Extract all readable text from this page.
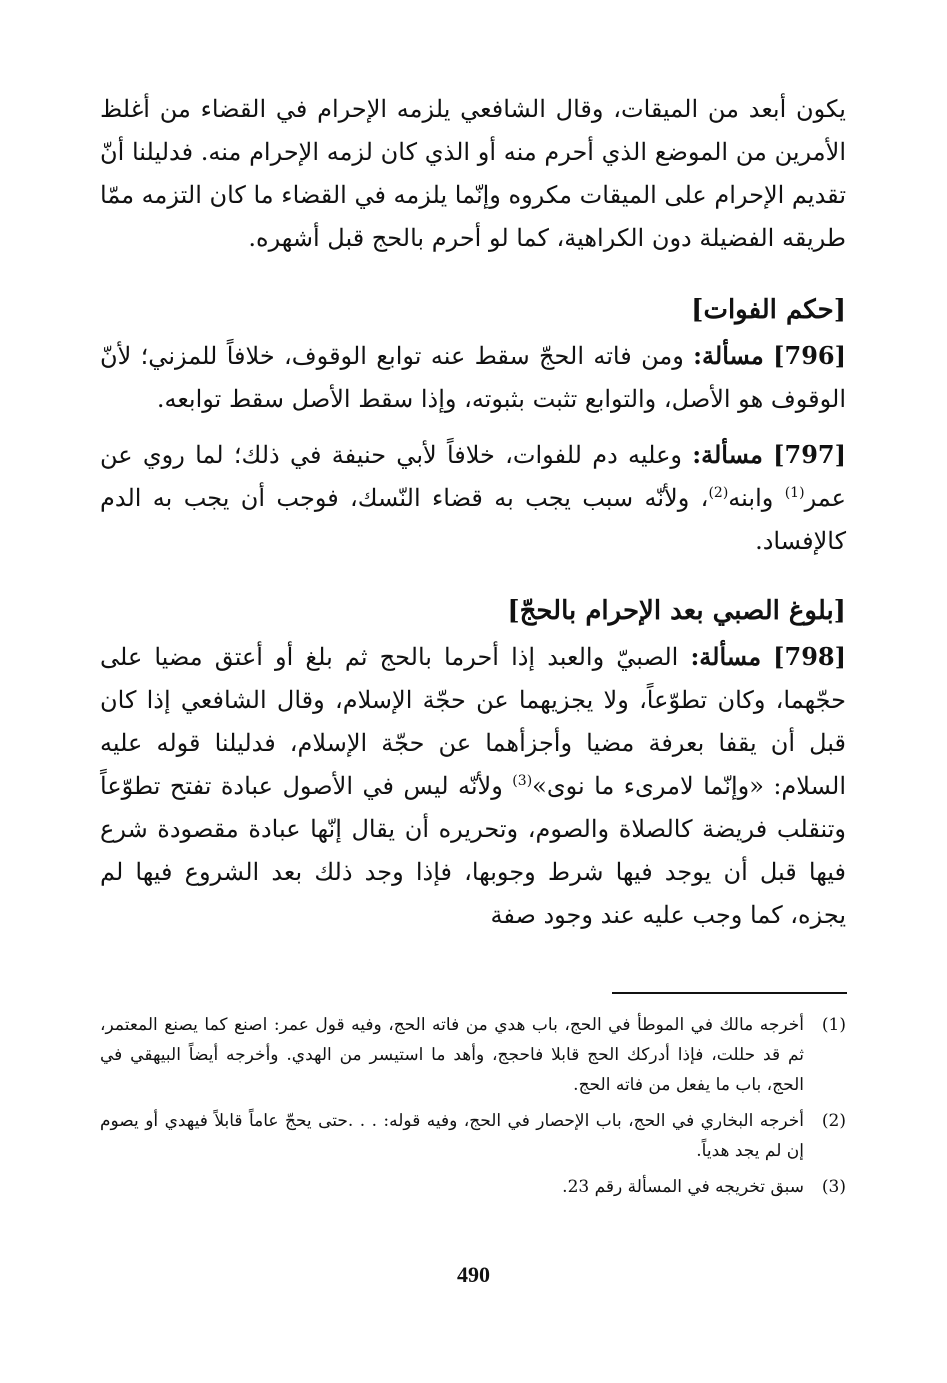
يكون أبعد من الميقات، وقال الشافعي يلزمه الإحرام في القضاء من أغلظ الأمرين من الموضع الذي أحرم منه أو الذي كان لزمه الإحرام منه. فدليلنا أنّ تقديم الإحرام على الميقات مكروه وإنّما يلزمه في القضاء ما كان التزمه ممّا طريقه الفضيلة دون الكراهية، كما لو أحرم بالحج قبل أشهره.

[حكم الفوات]

[796] مسألة: ومن فاته الحجّ سقط عنه توابع الوقوف، خلافاً للمزني؛ لأنّ الوقوف هو الأصل، والتوابع تثبت بثبوته، وإذا سقط الأصل سقط توابعه.

[797] مسألة: وعليه دم للفوات، خلافاً لأبي حنيفة في ذلك؛ لما روي عن عمر$^{(1)}$ وابنه$^{(2)}$، ولأنّه سبب يجب به قضاء النّسك، فوجب أن يجب به الدم كالإفساد.

[بلوغ الصبي بعد الإحرام بالحجّ]

[798] مسألة: الصبيّ والعبد إذا أحرما بالحج ثم بلغ أو أعتق مضيا على حجّهما، وكان تطوّعاً، ولا يجزيهما عن حجّة الإسلام، وقال الشافعي إذا كان قبل أن يقفا بعرفة مضيا وأجزأهما عن حجّة الإسلام، فدليلنا قوله عليه السلام: «وإنّما لامرىء ما نوى»$^{(3)}$ ولأنّه ليس في الأصول عبادة تفتح تطوّعاً وتنقلب فريضة كالصلاة والصوم، وتحريره أن يقال إنّها عبادة مقصودة شرع فيها قبل أن يوجد فيها شرط وجوبها، فإذا وجد ذلك بعد الشروع فيها لم يجزه، كما وجب عليه عند وجود صفة

(1)
أخرجه مالك في الموطأ في الحج، باب هدي من فاته الحج، وفيه قول عمر: اصنع كما يصنع المعتمر، ثم قد حللت، فإذا أدركك الحج قابلا فاحجج، وأهد ما استيسر من الهدي. وأخرجه أيضاً البيهقي في الحج، باب ما يفعل من فاته الحج.
(2)
أخرجه البخاري في الحج، باب الإحصار في الحج، وفيه قوله: . . .حتى يحجّ عاماً قابلاً فيهدي أو يصوم إن لم يجد هدياً.
(3)
سبق تخريجه في المسألة رقم 23.
490
